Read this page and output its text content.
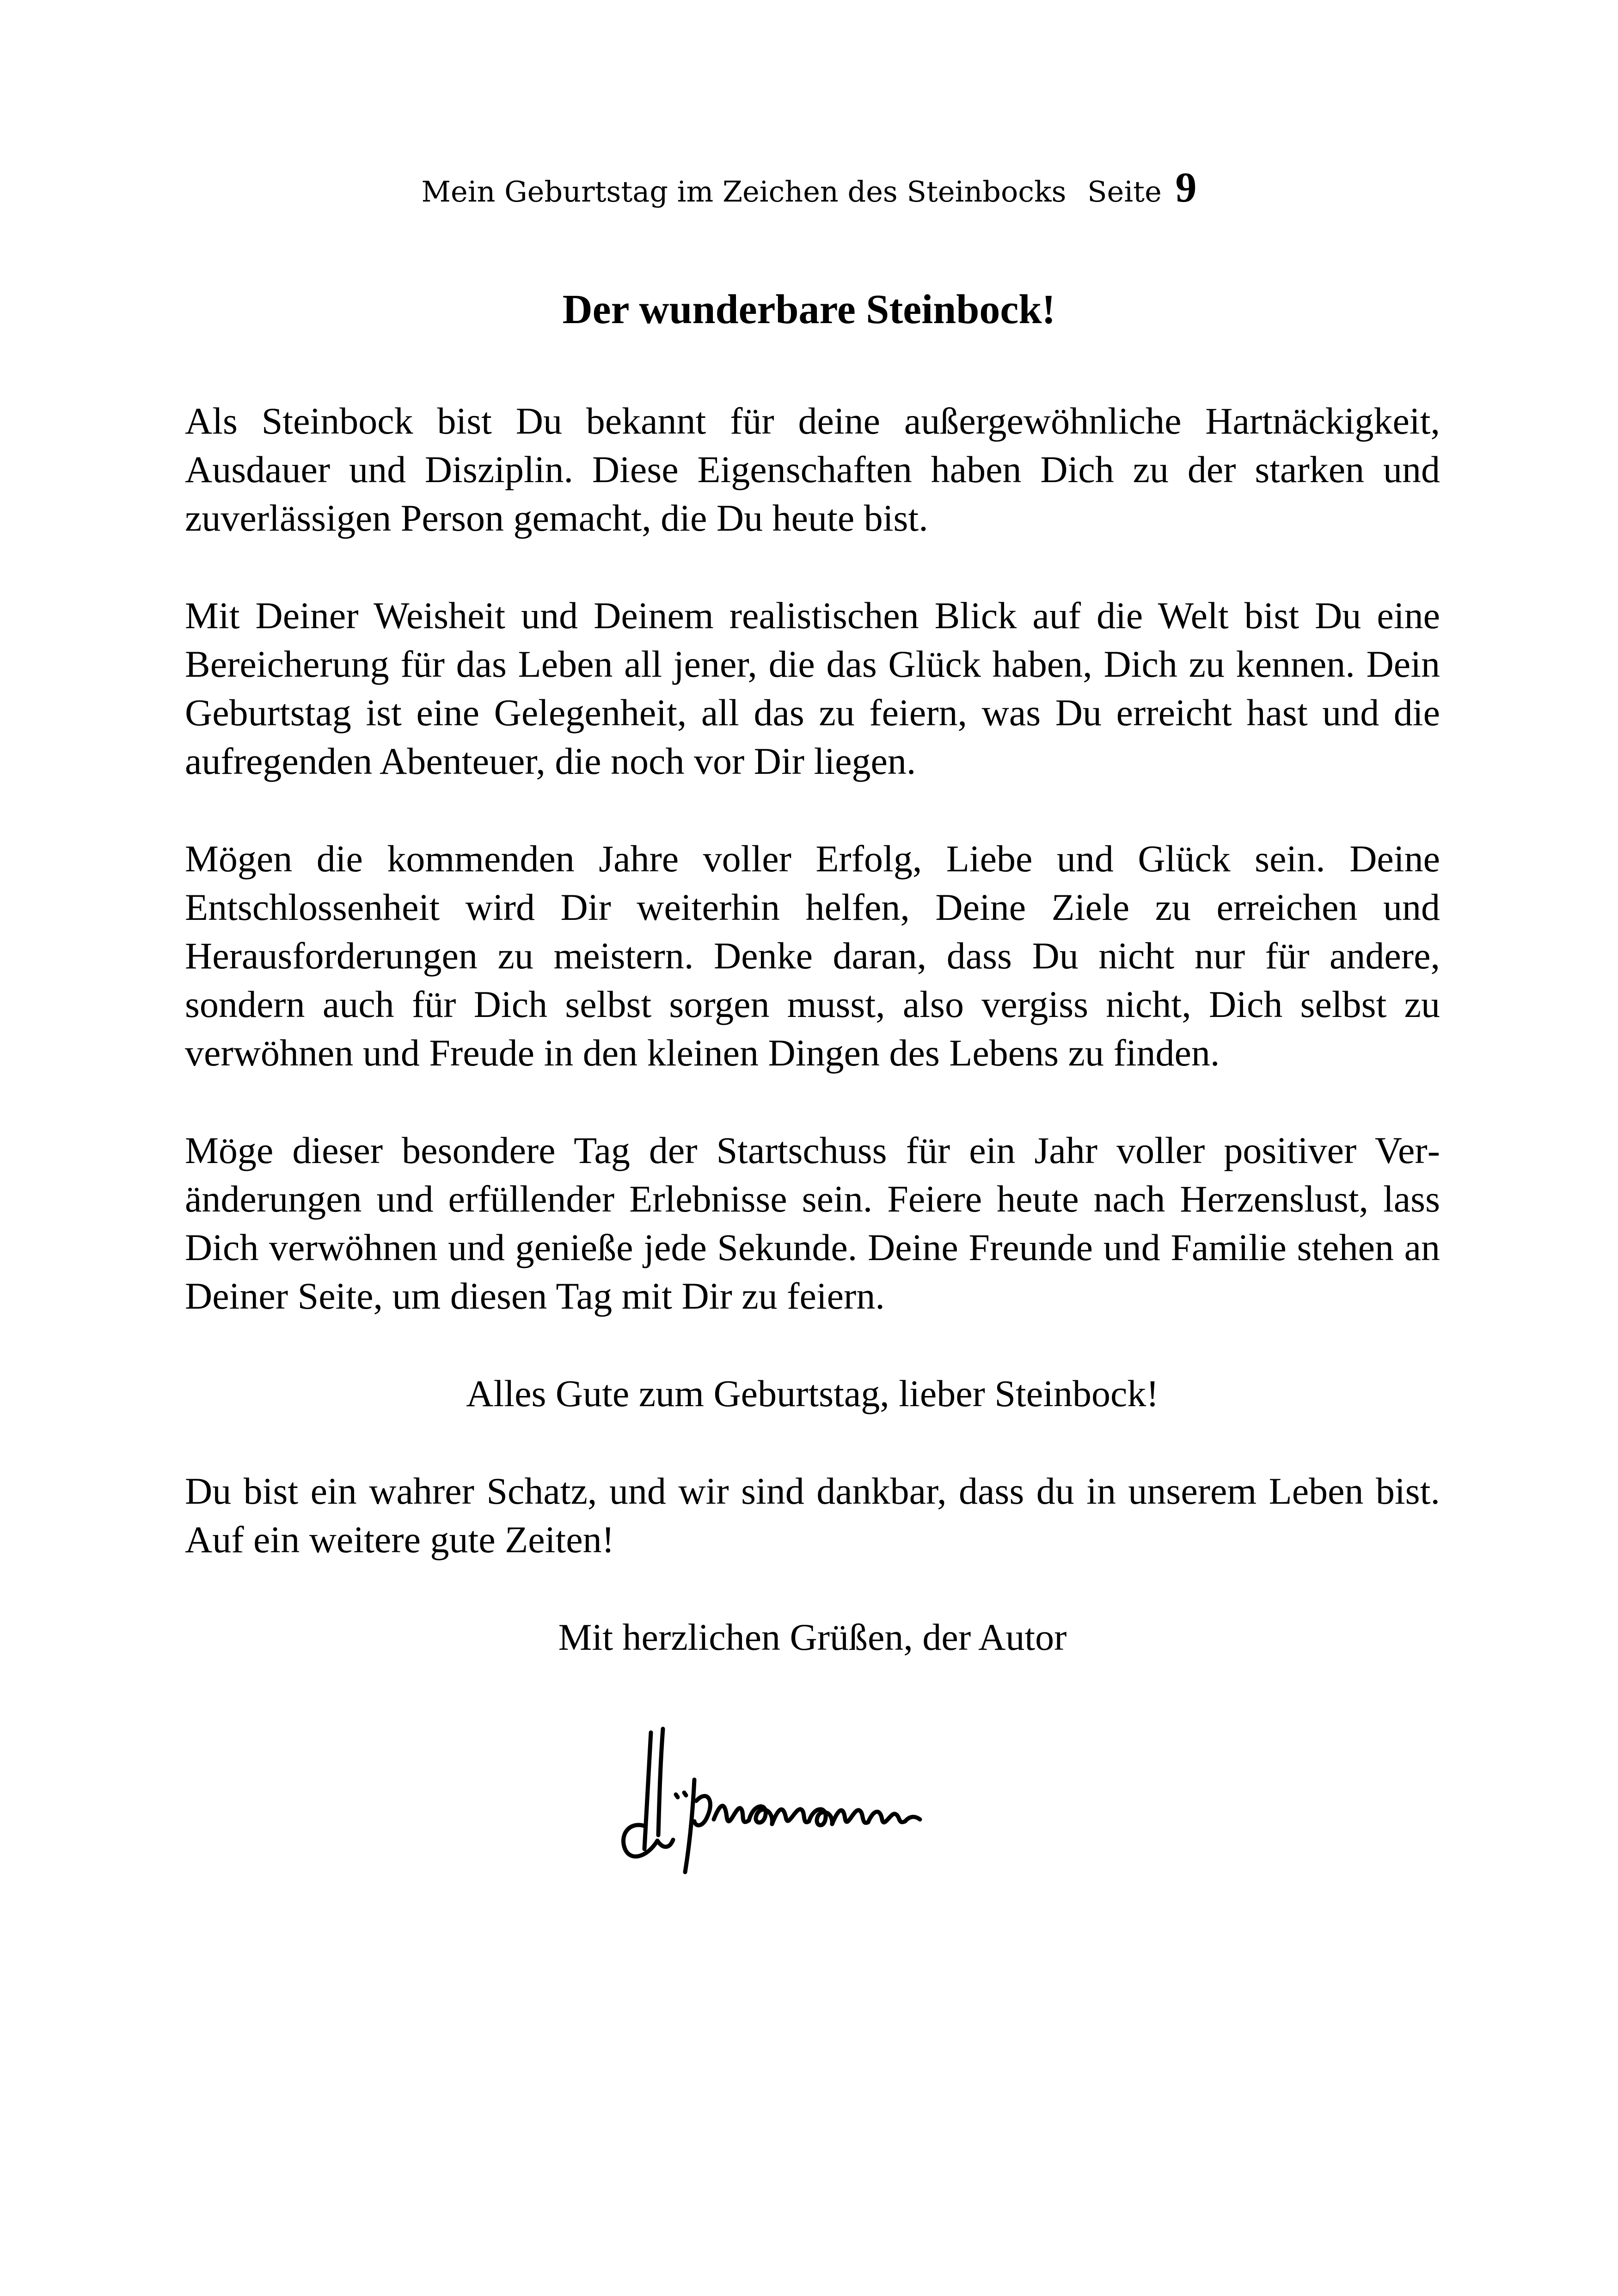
Mein Geburtstag im Zeichen des Steinbocks Seite 9
Der wunderbare Steinbock!

Als Steinbock bist Du bekannt für deine außergewöhnliche Hartnäckigkeit, Ausdauer und Disziplin. Diese Eigenschaften haben Dich zu der starken und zuverlässigen Person gemacht, die Du heute bist.

Mit Deiner Weisheit und Deinem realistischen Blick auf die Welt bist Du eine Bereicherung für das Leben all jener, die das Glück haben, Dich zu kennen. Dein Geburtstag ist eine Gelegenheit, all das zu feiern, was Du erreicht hast und die aufregenden Abenteuer, die noch vor Dir liegen.

Mögen die kommenden Jahre voller Erfolg, Liebe und Glück sein. Deine Entschlossenheit wird Dir weiterhin helfen, Deine Ziele zu erreichen und Herausforderungen zu meistern. Denke daran, dass Du nicht nur für andere, sondern auch für Dich selbst sorgen musst, also vergiss nicht, Dich selbst zu verwöhnen und Freude in den kleinen Dingen des Lebens zu finden.

Möge dieser besondere Tag der Startschuss für ein Jahr voller positiver Veränderungen und erfüllender Erlebnisse sein. Feiere heute nach Herzenslust, lass Dich verwöhnen und genieße jede Sekunde. Deine Freunde und Familie stehen an Deiner Seite, um diesen Tag mit Dir zu feiern.

Alles Gute zum Geburtstag, lieber Steinbock!

Du bist ein wahrer Schatz, und wir sind dankbar, dass du in unserem Leben bist. Auf ein weitere gute Zeiten!

Mit herzlichen Grüßen, der Autor
